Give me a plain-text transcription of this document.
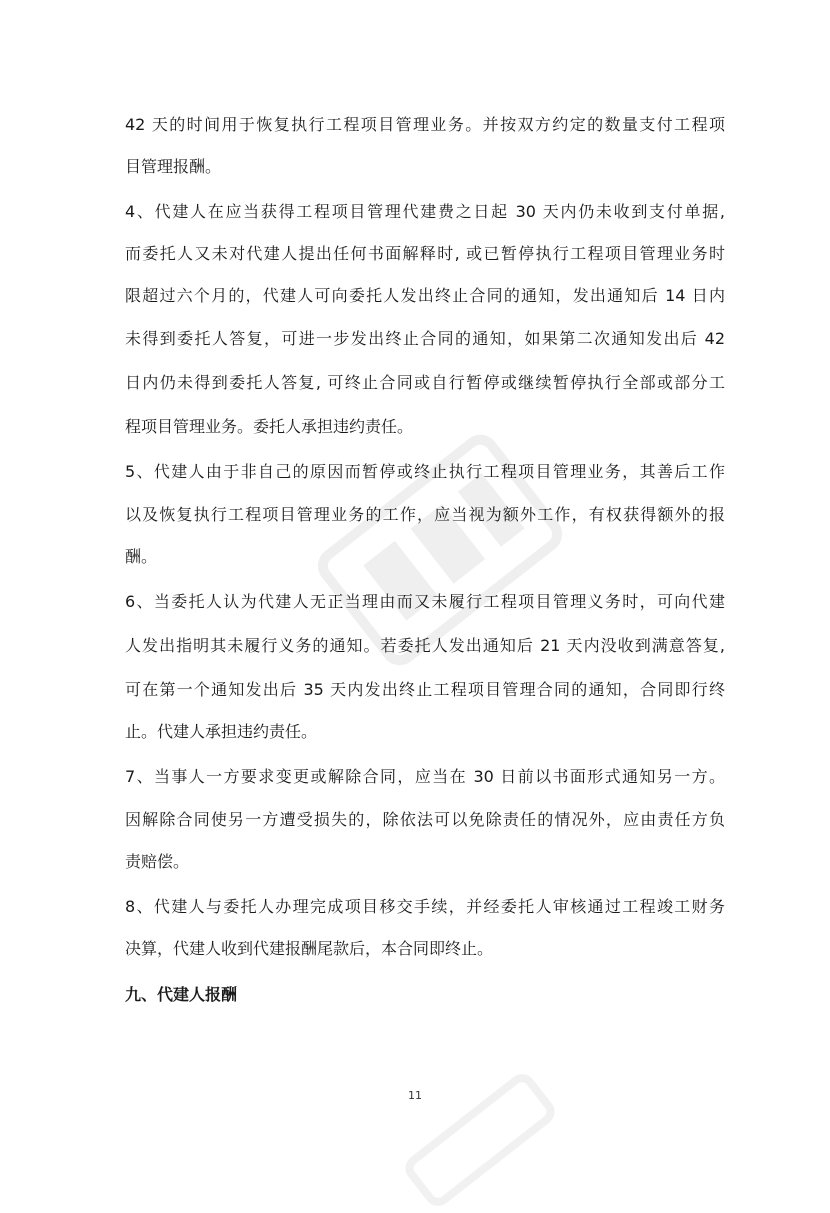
42 天的时间用于恢复执行工程项目管理业务。并按双方约定的数量支付工程项
目管理报酬。
4、代建人在应当获得工程项目管理代建费之日起 30 天内仍未收到支付单据,
而委托人又未对代建人提出任何书面解释时, 或已暂停执行工程项目管理业务时
限超过六个月的，代建人可向委托人发出终止合同的通知，发出通知后 14 日内
未得到委托人答复，可进一步发出终止合同的通知，如果第二次通知发出后 42
日内仍未得到委托人答复, 可终止合同或自行暂停或继续暂停执行全部或部分工
程项目管理业务。委托人承担违约责任。
5、代建人由于非自己的原因而暂停或终止执行工程项目管理业务，其善后工作
以及恢复执行工程项目管理业务的工作，应当视为额外工作，有权获得额外的报
酬。
6、当委托人认为代建人无正当理由而又未履行工程项目管理义务时，可向代建
人发出指明其未履行义务的通知。若委托人发出通知后 21 天内没收到满意答复,
可在第一个通知发出后 35 天内发出终止工程项目管理合同的通知，合同即行终
止。代建人承担违约责任。
7、当事人一方要求变更或解除合同，应当在 30 日前以书面形式通知另一方。
因解除合同使另一方遭受损失的，除依法可以免除责任的情况外，应由责任方负
责赔偿。
8、代建人与委托人办理完成项目移交手续，并经委托人审核通过工程竣工财务
决算，代建人收到代建报酬尾款后，本合同即终止。
九、代建人报酬
11
